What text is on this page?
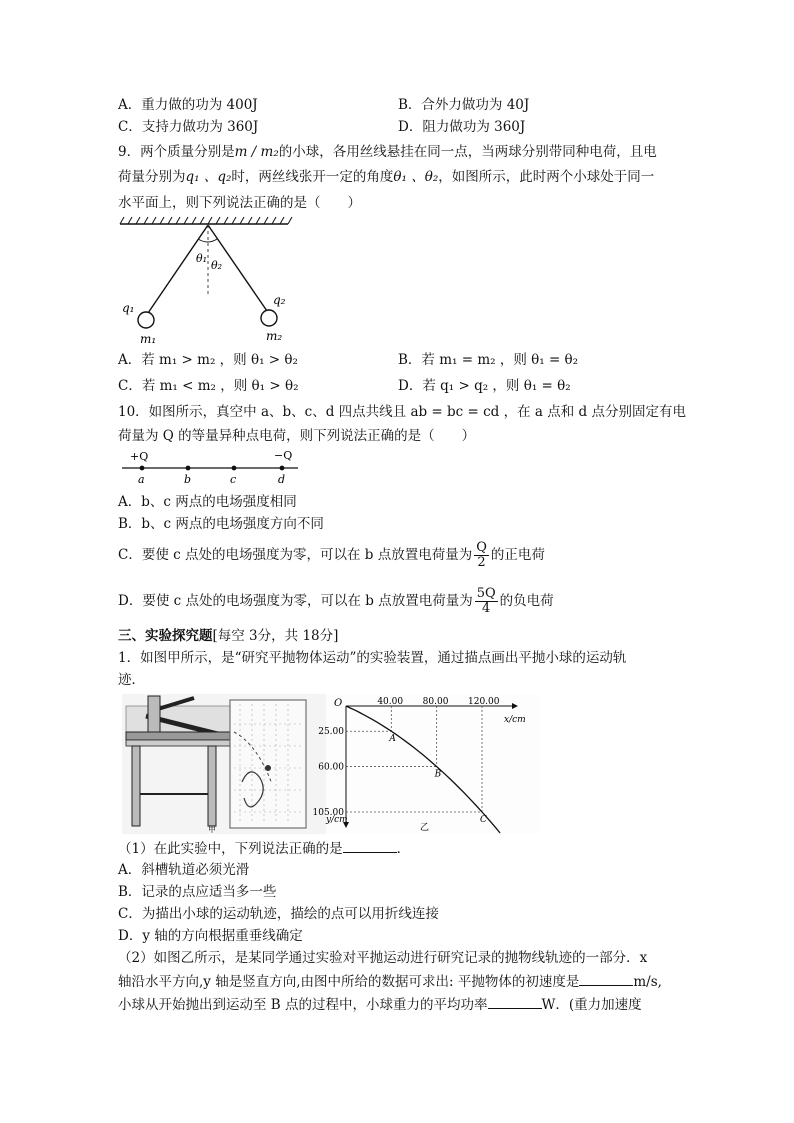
A．重力做的功为 400J	B．合外力做功为 40J
C．支持力做功为 360J	D．阻力做功为 360J
9．两个质量分别是m / m₂的小球，各用丝线悬挂在同一点，当两球分别带同种电荷，且电
荷量分别为q₁ 、q₂时，两丝线张开一定的角度θ₁ 、θ₂，如图所示，此时两个小球处于同一
水平面上，则下列说法正确的是（　　）
θ₁
θ₂
q₁
q₂
m₁	m₂
A．若 m₁ > m₂ ，则 θ₁ > θ₂	B．若 m₁ = m₂ ，则 θ₁ = θ₂
C．若 m₁ < m₂ ，则 θ₁ > θ₂	D．若 q₁ > q₂ ，则 θ₁ = θ₂
10．如图所示，真空中 a、b、c、d 四点共线且 ab = bc = cd ，在 a 点和 d 点分别固定有电
荷量为 Q 的等量异种点电荷，则下列说法正确的是（　　）
+Q	−Q
a	b	c	d
A．b、c 两点的电场强度相同
B．b、c 两点的电场强度方向不同
C．要使 c 点处的电场强度为零，可以在 b 点放置电荷量为 $\frac{Q}{2}$ 的正电荷
D．要使 c 点处的电场强度为零，可以在 b 点放置电荷量为 $\frac{5Q}{4}$ 的负电荷
三、实验探究题[每空 3分，共 18分]
1．如图甲所示，是“研究平抛物体运动”的实验装置，通过描点画出平抛小球的运动轨
迹．
甲
O
x/cm
y/cm
40.00
25.00
80.00
60.00
120.00
105.00
A
B
C
乙
（1）在此实验中，下列说法正确的是	．
A．斜槽轨道必须光滑
B．记录的点应适当多一些
C．为描出小球的运动轨迹，描绘的点可以用折线连接
D．y 轴的方向根据重垂线确定
（2）如图乙所示，是某同学通过实验对平抛运动进行研究记录的抛物线轨迹的一部分．x
轴沿水平方向,y 轴是竖直方向,由图中所给的数据可求出: 平抛物体的初速度是	m/s,
小球从开始抛出到运动至 B 点的过程中，小球重力的平均功率	W．(重力加速度
